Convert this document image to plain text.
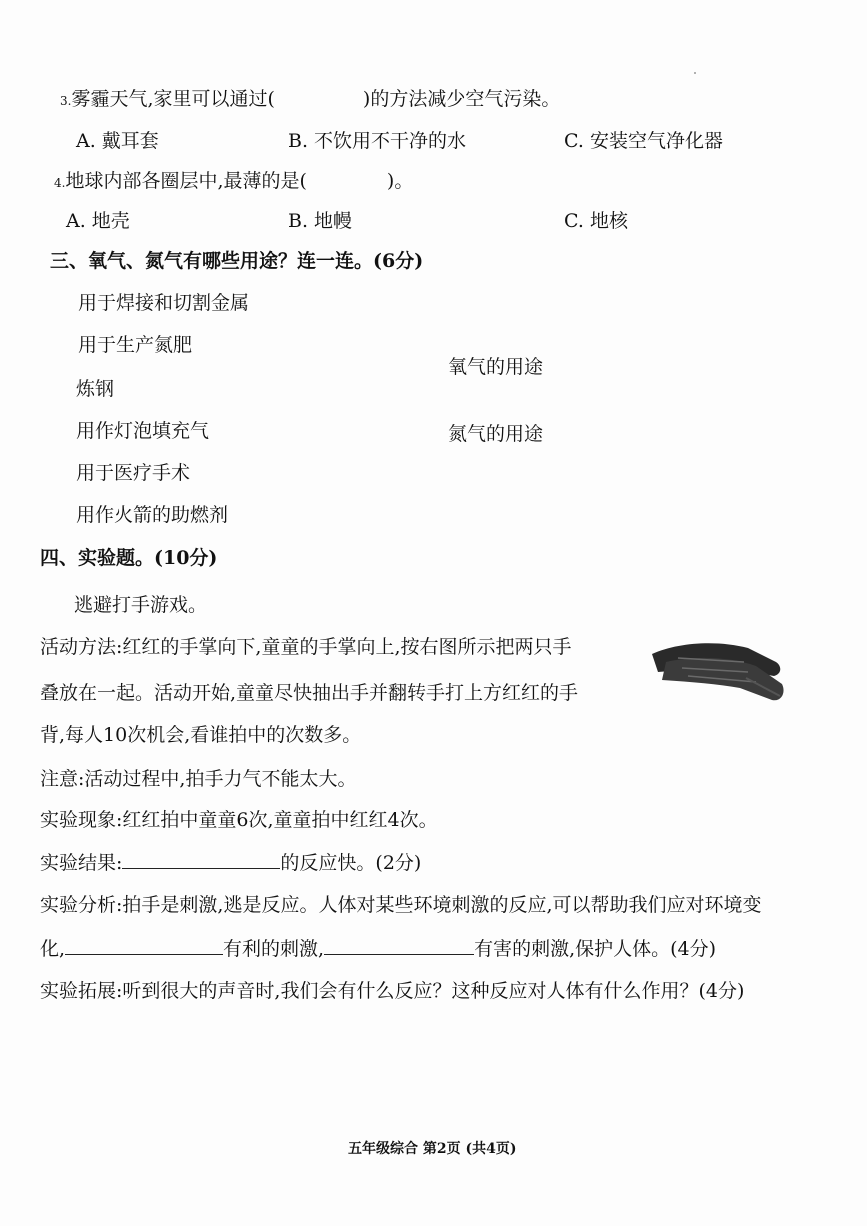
3.雾霾天气,家里可以通过(	)的方法减少空气污染。
A. 戴耳套	B. 不饮用不干净的水	C. 安装空气净化器
4.地球内部各圈层中,最薄的是(	)。
A. 地壳	B. 地幔	C. 地核
三、氧气、氮气有哪些用途？连一连。(6分)
用于焊接和切割金属
用于生产氮肥
炼钢
用作灯泡填充气
用于医疗手术
用作火箭的助燃剂
氧气的用途
氮气的用途
四、实验题。(10分)
逃避打手游戏。
活动方法:红红的手掌向下,童童的手掌向上,按右图所示把两只手
叠放在一起。活动开始,童童尽快抽出手并翻转手打上方红红的手
背,每人10次机会,看谁拍中的次数多。
注意:活动过程中,拍手力气不能太大。
实验现象:红红拍中童童6次,童童拍中红红4次。
实验结果:	的反应快。(2分)
实验分析:拍手是刺激,逃是反应。人体对某些环境刺激的反应,可以帮助我们应对环境变
化,	有利的刺激,	有害的刺激,保护人体。(4分)
实验拓展:听到很大的声音时,我们会有什么反应？这种反应对人体有什么作用？(4分)
五年级综合 第2页 (共4页)
